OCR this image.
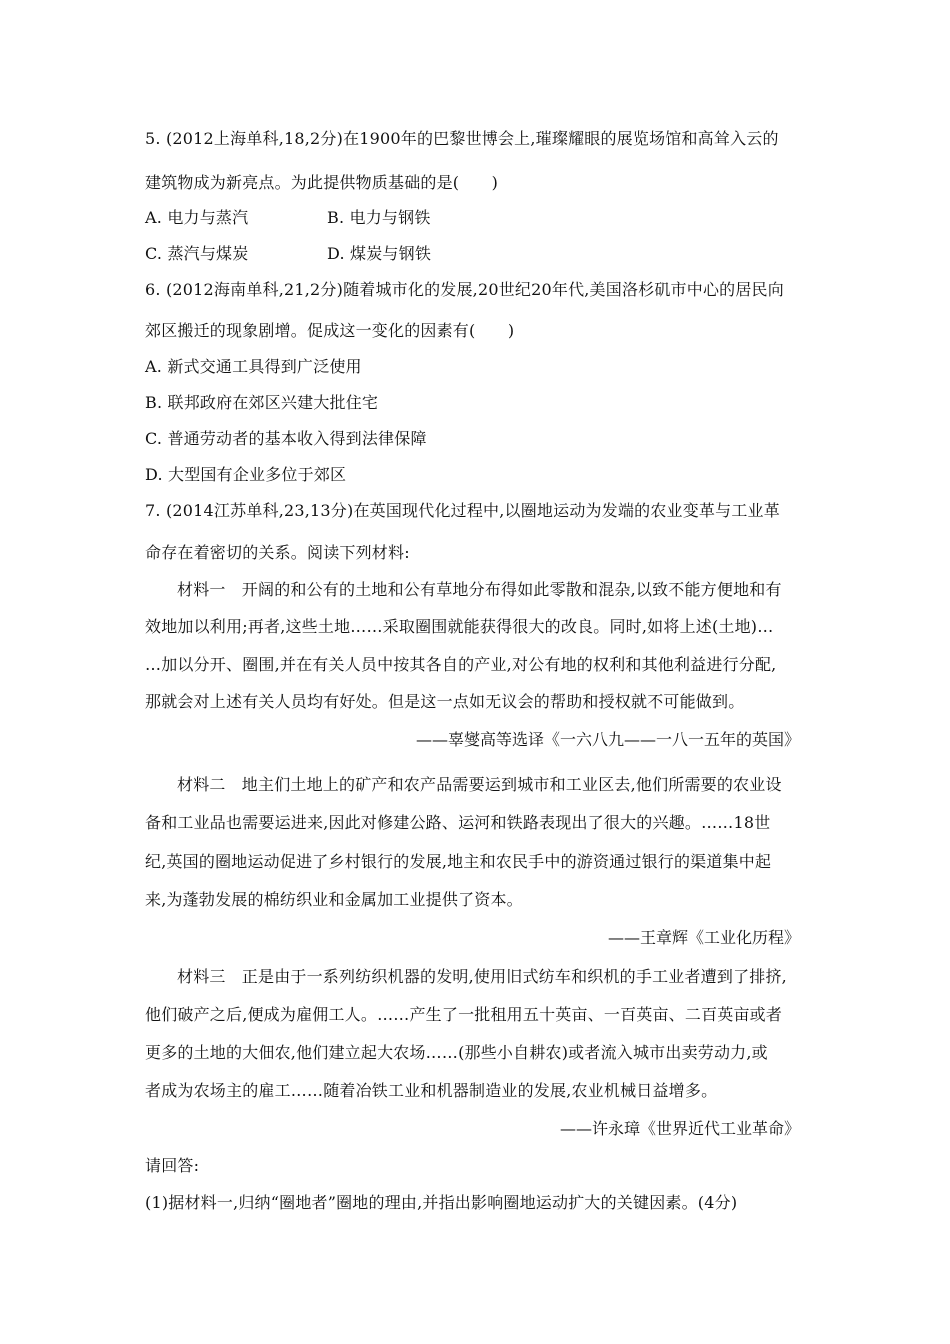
5. (2012上海单科,18,2分)在1900年的巴黎世博会上,璀璨耀眼的展览场馆和高耸入云的
建筑物成为新亮点。为此提供物质基础的是(　　)
A. 电力与蒸汽	B. 电力与钢铁
C. 蒸汽与煤炭	D. 煤炭与钢铁
6. (2012海南单科,21,2分)随着城市化的发展,20世纪20年代,美国洛杉矶市中心的居民向
郊区搬迁的现象剧增。促成这一变化的因素有(　　)
A. 新式交通工具得到广泛使用
B. 联邦政府在郊区兴建大批住宅
C. 普通劳动者的基本收入得到法律保障
D. 大型国有企业多位于郊区
7. (2014江苏单科,23,13分)在英国现代化过程中,以圈地运动为发端的农业变革与工业革
命存在着密切的关系。阅读下列材料:
材料一　开阔的和公有的土地和公有草地分布得如此零散和混杂,以致不能方便地和有
效地加以利用;再者,这些土地……采取圈围就能获得很大的改良。同时,如将上述(土地)…
…加以分开、圈围,并在有关人员中按其各自的产业,对公有地的权利和其他利益进行分配,
那就会对上述有关人员均有好处。但是这一点如无议会的帮助和授权就不可能做到。
——辜燮高等选译《一六八九——一八一五年的英国》
材料二　地主们土地上的矿产和农产品需要运到城市和工业区去,他们所需要的农业设
备和工业品也需要运进来,因此对修建公路、运河和铁路表现出了很大的兴趣。……18世
纪,英国的圈地运动促进了乡村银行的发展,地主和农民手中的游资通过银行的渠道集中起
来,为蓬勃发展的棉纺织业和金属加工业提供了资本。
——王章辉《工业化历程》
材料三　正是由于一系列纺织机器的发明,使用旧式纺车和织机的手工业者遭到了排挤,
他们破产之后,便成为雇佣工人。……产生了一批租用五十英亩、一百英亩、二百英亩或者
更多的土地的大佃农,他们建立起大农场……(那些小自耕农)或者流入城市出卖劳动力,或
者成为农场主的雇工……随着冶铁工业和机器制造业的发展,农业机械日益增多。
——许永璋《世界近代工业革命》
请回答:
(1)据材料一,归纳“圈地者”圈地的理由,并指出影响圈地运动扩大的关键因素。(4分)
